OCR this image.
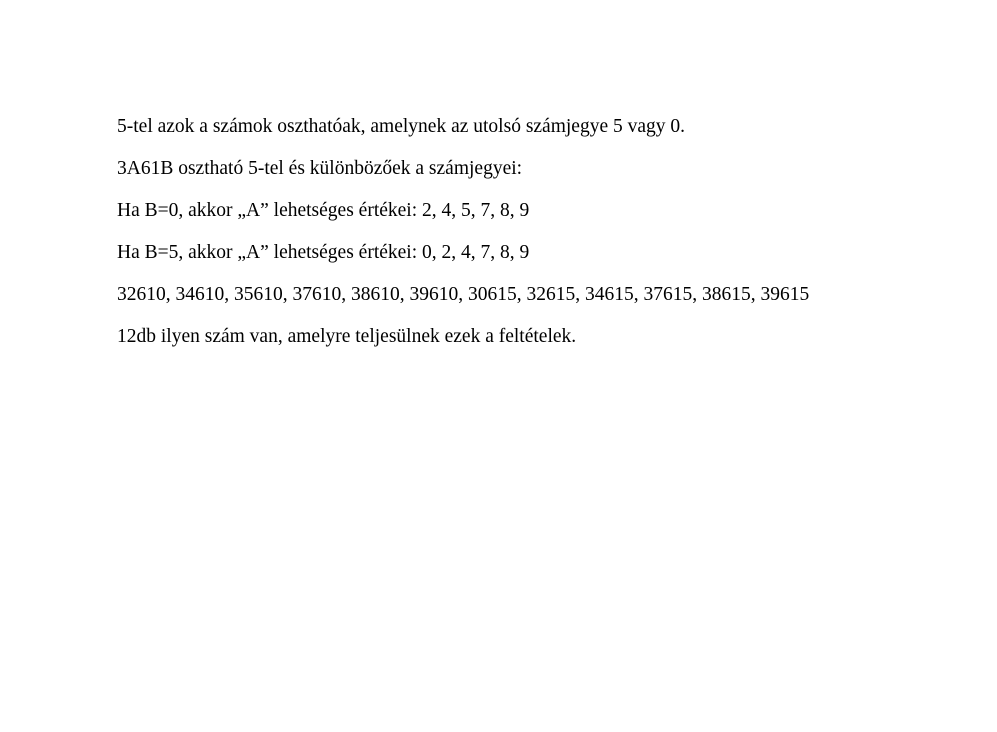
5-tel azok a számok oszthatóak, amelynek az utolsó számjegye 5 vagy 0.

3A61B osztható 5-tel és különbözőek a számjegyei:

Ha B=0, akkor „A” lehetséges értékei: 2, 4, 5, 7, 8, 9

Ha B=5, akkor „A” lehetséges értékei: 0, 2, 4, 7, 8, 9

32610, 34610, 35610, 37610, 38610, 39610, 30615, 32615, 34615, 37615, 38615, 39615

12db ilyen szám van, amelyre teljesülnek ezek a feltételek.
